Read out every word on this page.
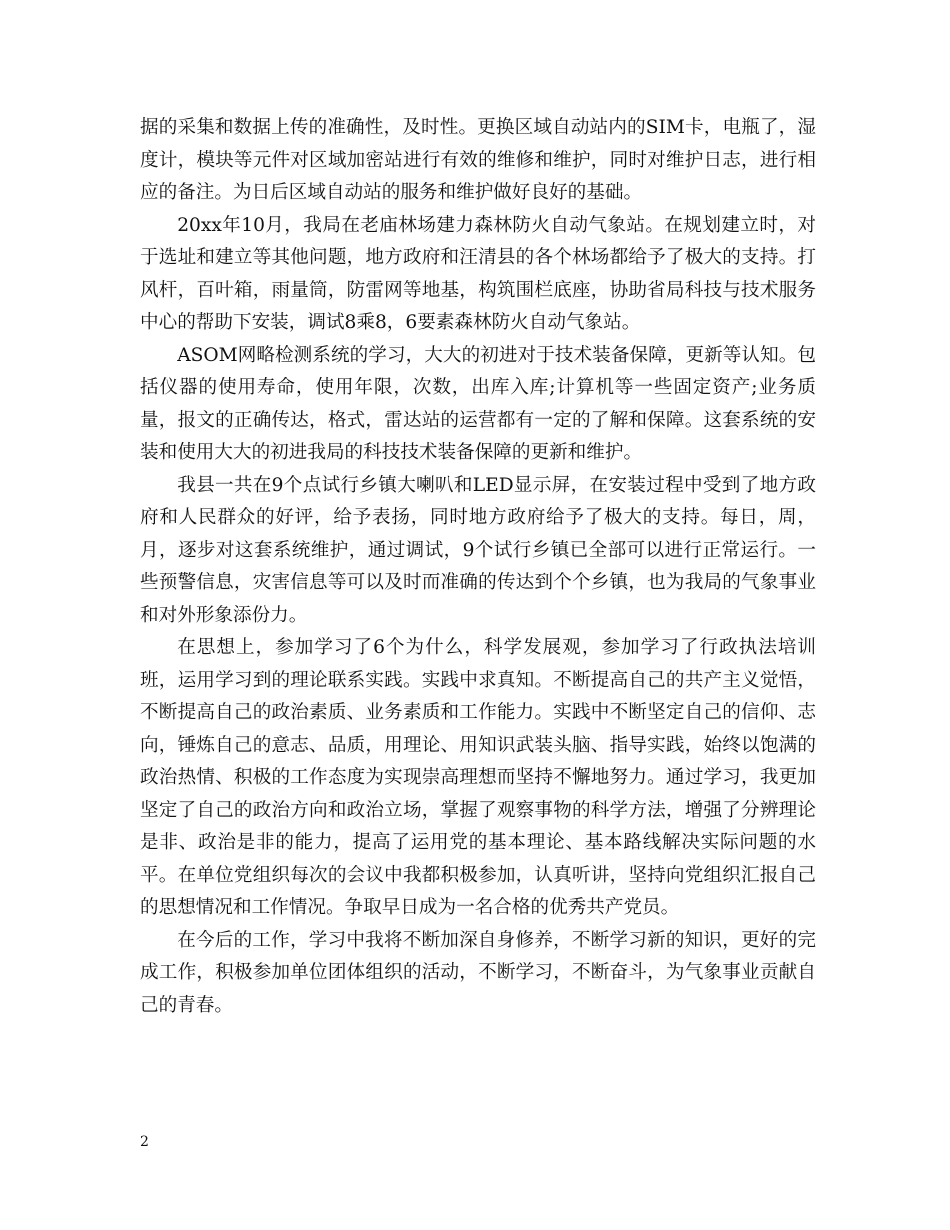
据的采集和数据上传的准确性，及时性。更换区域自动站内的SIM卡，电瓶了，湿度计，模块等元件对区域加密站进行有效的维修和维护，同时对维护日志，进行相应的备注。为日后区域自动站的服务和维护做好良好的基础。

20xx年10月，我局在老庙林场建力森林防火自动气象站。在规划建立时，对于选址和建立等其他问题，地方政府和汪清县的各个林场都给予了极大的支持。打风杆，百叶箱，雨量筒，防雷网等地基，构筑围栏底座，协助省局科技与技术服务中心的帮助下安装，调试8乘8，6要素森林防火自动气象站。

ASOM网略检测系统的学习，大大的初进对于技术装备保障，更新等认知。包括仪器的使用寿命，使用年限，次数，出库入库;计算机等一些固定资产;业务质量，报文的正确传达，格式，雷达站的运营都有一定的了解和保障。这套系统的安装和使用大大的初进我局的科技技术装备保障的更新和维护。

我县一共在9个点试行乡镇大喇叭和LED显示屏，在安装过程中受到了地方政府和人民群众的好评，给予表扬，同时地方政府给予了极大的支持。每日，周，月，逐步对这套系统维护，通过调试，9个试行乡镇已全部可以进行正常运行。一些预警信息，灾害信息等可以及时而准确的传达到个个乡镇，也为我局的气象事业和对外形象添份力。

在思想上，参加学习了6个为什么，科学发展观，参加学习了行政执法培训班，运用学习到的理论联系实践。实践中求真知。不断提高自己的共产主义觉悟，不断提高自己的政治素质、业务素质和工作能力。实践中不断坚定自己的信仰、志向，锤炼自己的意志、品质，用理论、用知识武装头脑、指导实践，始终以饱满的政治热情、积极的工作态度为实现崇高理想而坚持不懈地努力。通过学习，我更加坚定了自己的政治方向和政治立场，掌握了观察事物的科学方法，增强了分辨理论是非、政治是非的能力，提高了运用党的基本理论、基本路线解决实际问题的水平。在单位党组织每次的会议中我都积极参加，认真听讲，坚持向党组织汇报自己的思想情况和工作情况。争取早日成为一名合格的优秀共产党员。

在今后的工作，学习中我将不断加深自身修养，不断学习新的知识，更好的完成工作，积极参加单位团体组织的活动，不断学习，不断奋斗，为气象事业贡献自己的青春。

2
